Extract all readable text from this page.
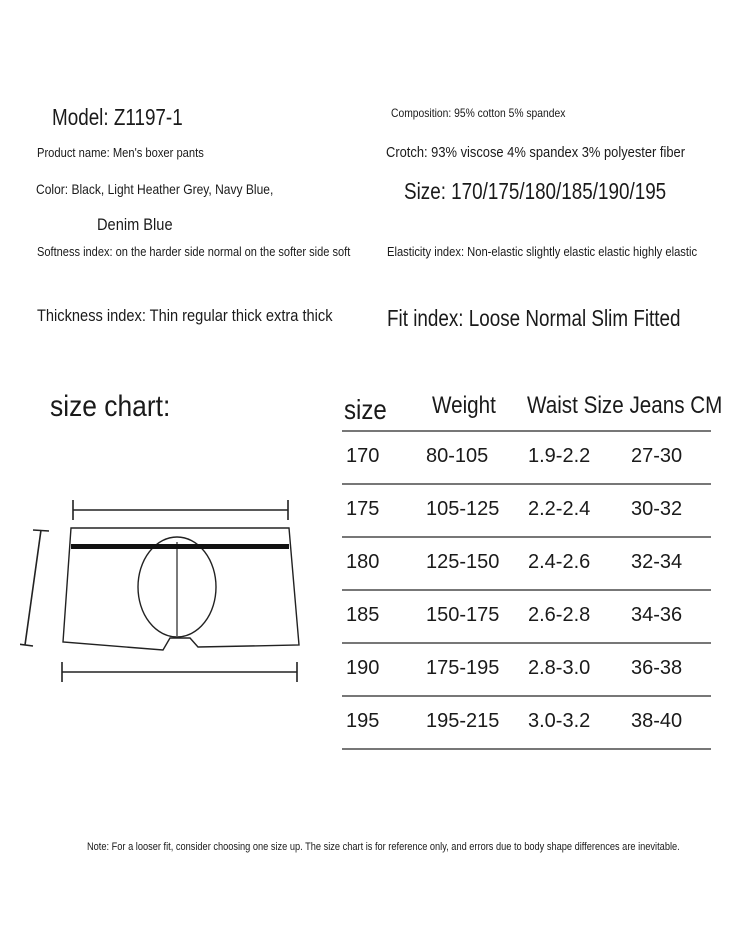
Model: Z1197-1
Product name: Men's boxer pants
Color: Black, Light Heather Grey, Navy Blue,
Denim Blue
Softness index: on the harder side normal on the softer side soft
Thickness index: Thin regular thick extra thick
Composition: 95% cotton 5% spandex
Crotch: 93% viscose 4% spandex 3% polyester fiber
Size: 170/175/180/185/190/195
Elasticity index: Non-elastic slightly elastic elastic highly elastic
Fit index: Loose Normal Slim Fitted
size chart:	size Weight Waist Size Jeans CM
170 80-105 1.9-2.2 27-30
175 105-125 2.2-2.4 30-32
180 125-150 2.4-2.6 32-34
185 150-175 2.6-2.8 34-36
190 175-195 2.8-3.0 36-38
195 195-215 3.0-3.2 38-40
Note: For a looser fit, consider choosing one size up. The size chart is for reference only, and errors due to body shape differences are inevitable.
